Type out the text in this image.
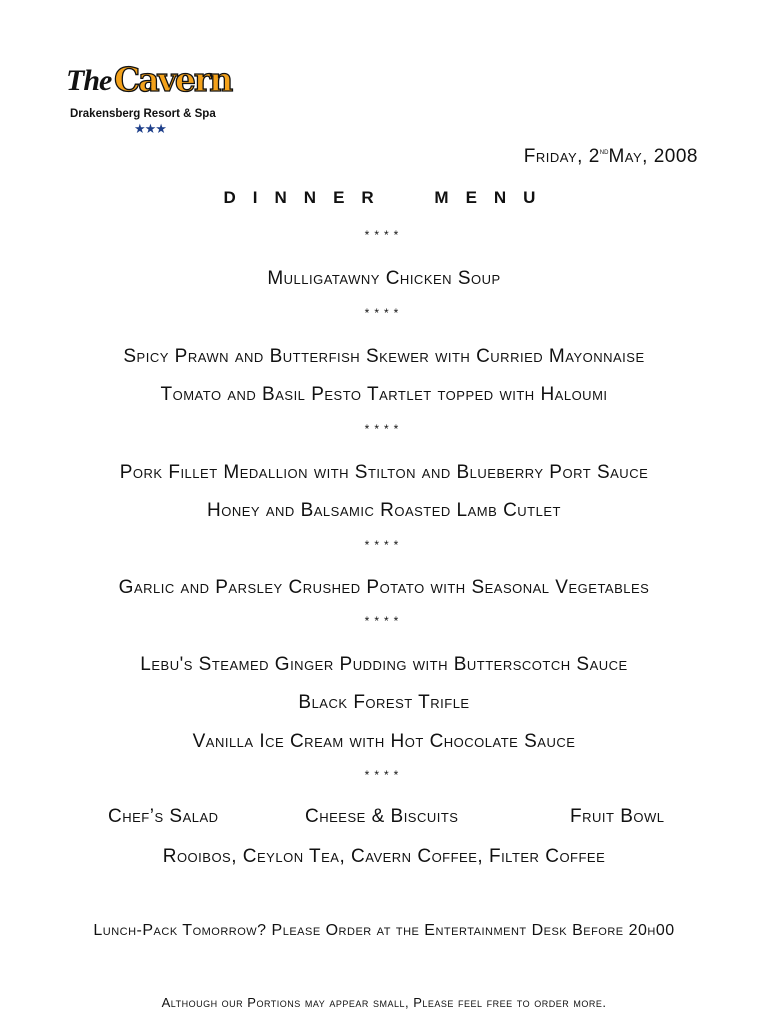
The Cavern
Drakensberg Resort & Spa
★★★
Friday, 2ndMay, 2008
DINNER MENU
****
Mulligatawny Chicken Soup
****
Spicy Prawn and Butterfish Skewer with Curried Mayonnaise
Tomato and Basil Pesto Tartlet topped with Haloumi
****
Pork Fillet Medallion with Stilton and Blueberry Port Sauce
Honey and Balsamic Roasted Lamb Cutlet
****
Garlic and Parsley Crushed Potato with Seasonal Vegetables
****
Lebu's Steamed Ginger Pudding with Butterscotch Sauce
Black Forest Trifle
Vanilla Ice Cream with Hot Chocolate Sauce
****
Chef’s Salad	Cheese & Biscuits	Fruit Bowl
Rooibos, Ceylon Tea, Cavern Coffee, Filter Coffee
Lunch-Pack Tomorrow? Please Order at the Entertainment Desk Before 20h00
Although our Portions may appear small, Please feel free to order more.
